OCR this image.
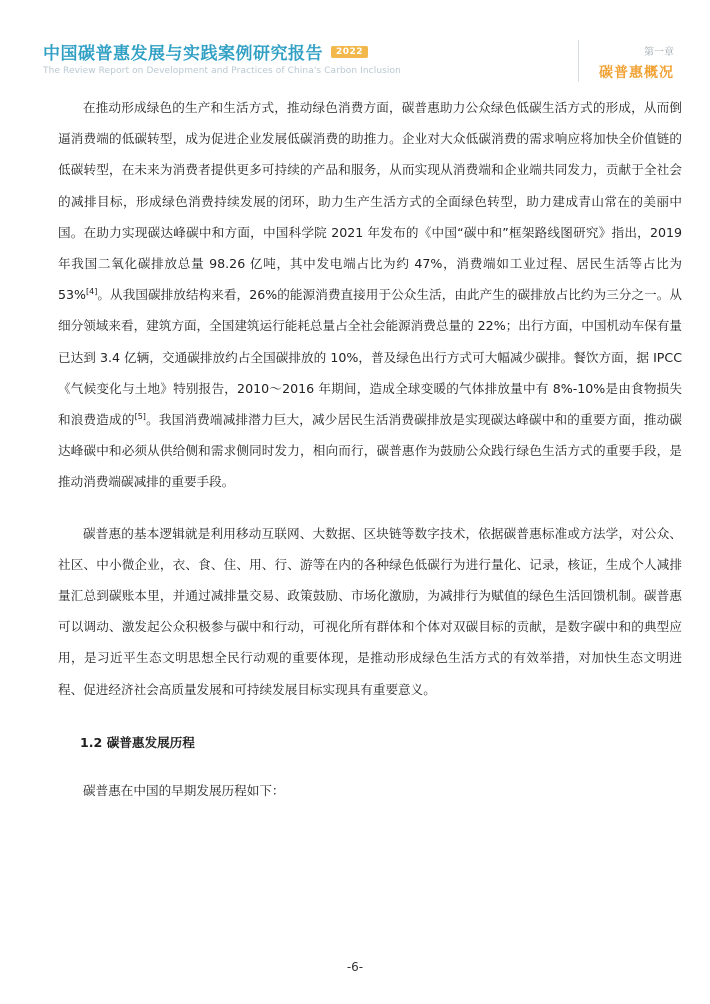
中国碳普惠发展与实践案例研究报告 2022
The Review Report on Development and Practices of China's Carbon Inclusion
第一章
碳普惠概况

在推动形成绿色的生产和生活方式，推动绿色消费方面，碳普惠助力公众绿色低碳生活方式的形成，从而倒逼消费端的低碳转型，成为促进企业发展低碳消费的助推力。企业对大众低碳消费的需求响应将加快全价值链的低碳转型，在未来为消费者提供更多可持续的产品和服务，从而实现从消费端和企业端共同发力，贡献于全社会的减排目标，形成绿色消费持续发展的闭环，助力生产生活方式的全面绿色转型，助力建成青山常在的美丽中国。在助力实现碳达峰碳中和方面，中国科学院 2021 年发布的《中国“碳中和”框架路线图研究》指出，2019 年我国二氧化碳排放总量 98.26 亿吨，其中发电端占比为约 47%，消费端如工业过程、居民生活等占比为 53%[4]。从我国碳排放结构来看，26%的能源消费直接用于公众生活，由此产生的碳排放占比约为三分之一。从细分领域来看，建筑方面，全国建筑运行能耗总量占全社会能源消费总量的 22%；出行方面，中国机动车保有量已达到 3.4 亿辆，交通碳排放约占全国碳排放的 10%，普及绿色出行方式可大幅减少碳排。餐饮方面，据 IPCC《气候变化与土地》特别报告，2010～2016 年期间，造成全球变暖的气体排放量中有 8%-10%是由食物损失和浪费造成的[5]。我国消费端减排潜力巨大，减少居民生活消费碳排放是实现碳达峰碳中和的重要方面，推动碳达峰碳中和必须从供给侧和需求侧同时发力，相向而行，碳普惠作为鼓励公众践行绿色生活方式的重要手段，是推动消费端碳减排的重要手段。

碳普惠的基本逻辑就是利用移动互联网、大数据、区块链等数字技术，依据碳普惠标准或方法学，对公众、社区、中小微企业，衣、食、住、用、行、游等在内的各种绿色低碳行为进行量化、记录，核证，生成个人减排量汇总到碳账本里，并通过减排量交易、政策鼓励、市场化激励，为减排行为赋值的绿色生活回馈机制。碳普惠可以调动、激发起公众积极参与碳中和行动，可视化所有群体和个体对双碳目标的贡献，是数字碳中和的典型应用，是习近平生态文明思想全民行动观的重要体现，是推动形成绿色生活方式的有效举措，对加快生态文明进程、促进经济社会高质量发展和可持续发展目标实现具有重要意义。

1.2 碳普惠发展历程

碳普惠在中国的早期发展历程如下：

-6-
